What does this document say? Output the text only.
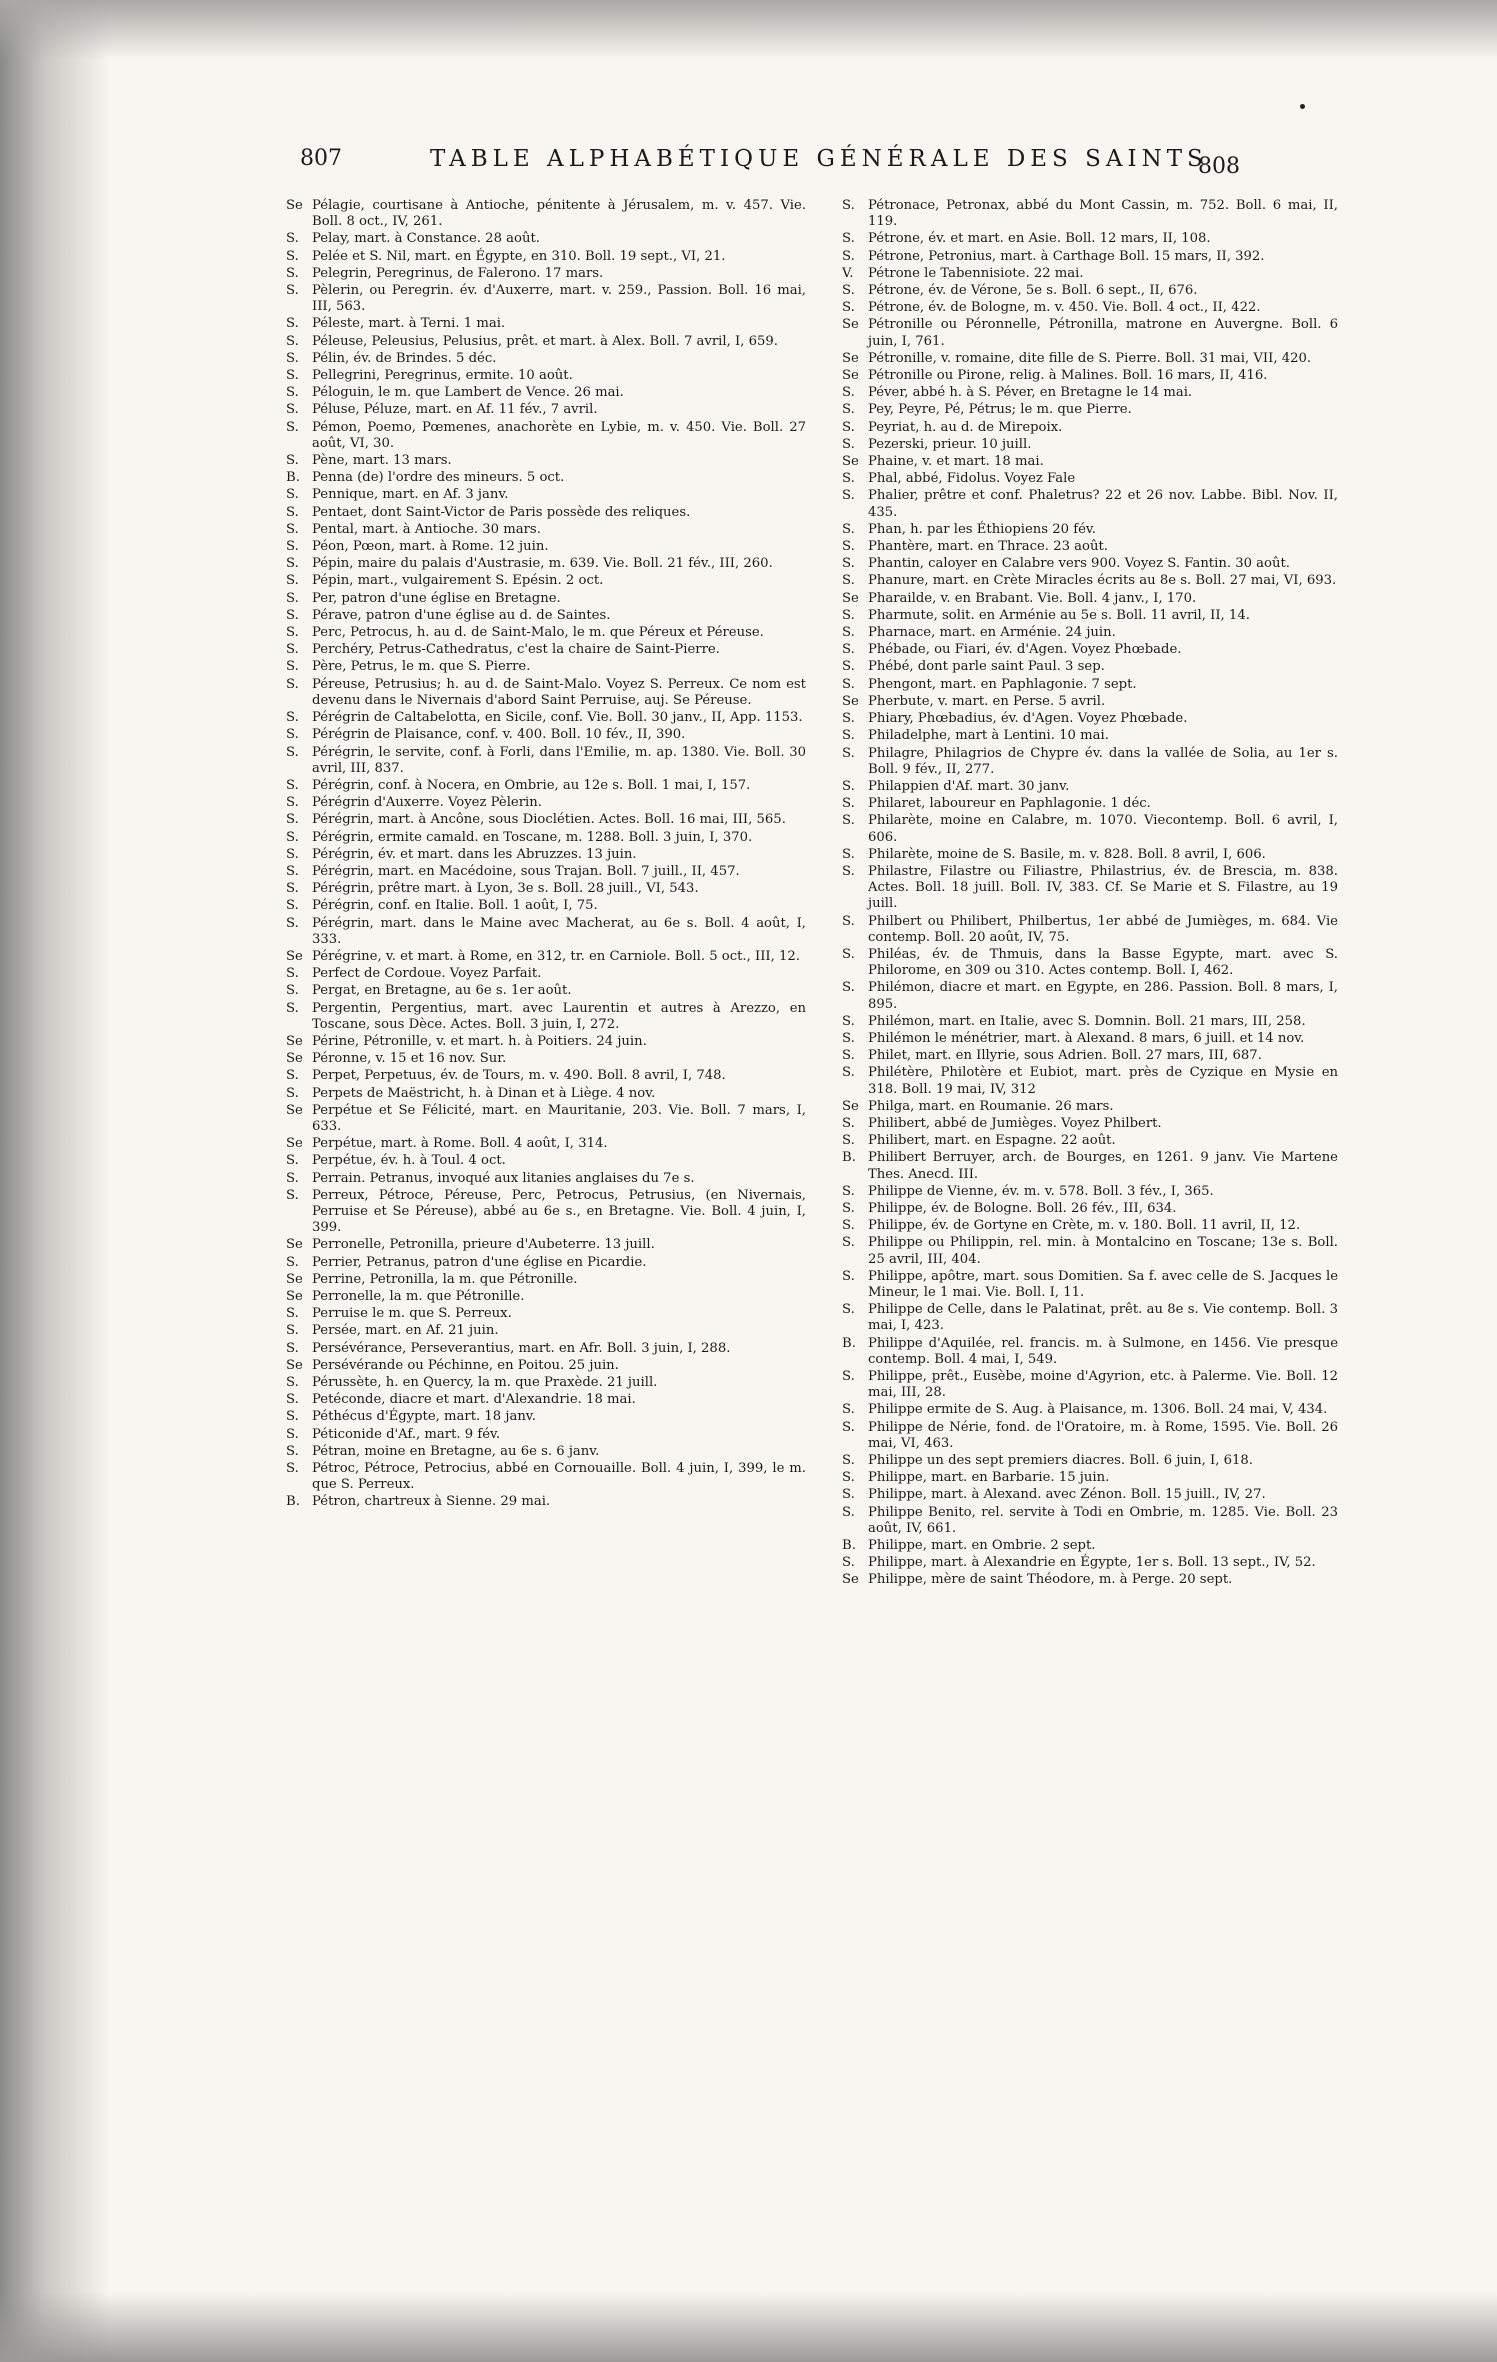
807	TABLE ALPHABÉTIQUE GÉNÉRALE DES SAINTS
808
Se Pélagie, courtisane à Antioche, pénitente à Jérusalem, m. v. 457. Vie. Boll. 8 oct., IV, 261.
S.	Pelay, mart. à Constance. 28 août.
S.	Pelée et S. Nil, mart. en Égypte, en 310. Boll. 19 sept., VI, 21.
S.	Pelegrin, Peregrinus, de Falerono. 17 mars.
S.	Pèlerin, ou Peregrin. év. d'Auxerre, mart. v. 259., Passion. Boll. 16 mai, III, 563.
S.	Péleste, mart. à Terni. 1 mai.
S.	Péleuse, Peleusius, Pelusius, prêt. et mart. à Alex. Boll. 7 avril, I, 659.
S.	Pélin, év. de Brindes. 5 déc.
S.	Pellegrini, Peregrinus, ermite. 10 août.
S.	Péloguin, le m. que Lambert de Vence. 26 mai.
S.	Péluse, Péluze, mart. en Af. 11 fév., 7 avril.
S.	Pémon, Poemo, Pœmenes, anachorète en Lybie, m. v. 450. Vie. Boll. 27 août, VI, 30.
S.	Pène, mart. 13 mars.
B. Penna (de) l'ordre des mineurs. 5 oct.
S.	Pennique, mart. en Af. 3 janv.
S.	Pentaet, dont Saint-Victor de Paris possède des reliques.
S.	Pental, mart. à Antioche. 30 mars.
S.	Péon, Pœon, mart. à Rome. 12 juin.
S.	Pépin, maire du palais d'Austrasie, m. 639. Vie. Boll. 21 fév., III, 260.
S.	Pépin, mart., vulgairement S. Epésin. 2 oct.
S.	Per, patron d'une église en Bretagne.
S.	Pérave, patron d'une église au d. de Saintes.
S.	Perc, Petrocus, h. au d. de Saint-Malo, le m. que Péreux et Péreuse.
S.	Perchéry, Petrus-Cathedratus, c'est la chaire de Saint-Pierre.
S.	Père, Petrus, le m. que S. Pierre.
S.	Péreuse, Petrusius; h. au d. de Saint-Malo. Voyez S. Perreux. Ce nom est devenu dans le Nivernais d'abord Saint Perruise, auj. Se Péreuse.
S.	Pérégrin de Caltabelotta, en Sicile, conf. Vie. Boll. 30 janv., II, App. 1153.
S.	Pérégrin de Plaisance, conf. v. 400. Boll. 10 fév., II, 390.
S.	Pérégrin, le servite, conf. à Forli, dans l'Emilie, m. ap. 1380. Vie. Boll. 30 avril, III, 837.
S.	Pérégrin, conf. à Nocera, en Ombrie, au 12e s. Boll. 1 mai, I, 157.
S.	Pérégrin d'Auxerre. Voyez Pèlerin.
S.	Pérégrin, mart. à Ancône, sous Dioclétien. Actes. Boll. 16 mai, III, 565.
S.	Pérégrin, ermite camald. en Toscane, m. 1288. Boll. 3 juin, I, 370.
S.	Pérégrin, év. et mart. dans les Abruzzes. 13 juin.
S.	Pérégrin, mart. en Macédoine, sous Trajan. Boll. 7 juill., II, 457.
S.	Pérégrin, prêtre mart. à Lyon, 3e s. Boll. 28 juill., VI, 543.
S.	Pérégrin, conf. en Italie. Boll. 1 août, I, 75.
S.	Pérégrin, mart. dans le Maine avec Macherat, au 6e s. Boll. 4 août, I, 333.
Se Pérégrine, v. et mart. à Rome, en 312, tr. en Carniole. Boll. 5 oct., III, 12.
S.	Perfect de Cordoue. Voyez Parfait.
S.	Pergat, en Bretagne, au 6e s. 1er août.
S.	Pergentin, Pergentius, mart. avec Laurentin et autres à Arezzo, en Toscane, sous Dèce. Actes. Boll. 3 juin, I, 272.
Se Périne, Pétronille, v. et mart. h. à Poitiers. 24 juin.
Se Péronne, v. 15 et 16 nov. Sur.
S.	Perpet, Perpetuus, év. de Tours, m. v. 490. Boll. 8 avril, I, 748.
S.	Perpets de Maëstricht, h. à Dinan et à Liège. 4 nov.
Se Perpétue et Se Félicité, mart. en Mauritanie, 203. Vie. Boll. 7 mars, I, 633.
Se Perpétue, mart. à Rome. Boll. 4 août, I, 314.
S.	Perpétue, év. h. à Toul. 4 oct.
S.	Perrain. Petranus, invoqué aux litanies anglaises du 7e s.
S.	Perreux, Pétroce, Péreuse, Perc, Petrocus, Petrusius, (en Nivernais, Perruise et Se Péreuse), abbé au 6e s., en Bretagne. Vie. Boll. 4 juin, I, 399.
Se Perronelle, Petronilla, prieure d'Aubeterre. 13 juill.
S.	Perrier, Petranus, patron d'une église en Picardie.
Se Perrine, Petronilla, la m. que Pétronille.
Se Perronelle, la m. que Pétronille.
S.	Perruise le m. que S. Perreux.
S.	Persée, mart. en Af. 21 juin.
S.	Persévérance, Perseverantius, mart. en Afr. Boll. 3 juin, I, 288.
Se Persévérande ou Péchinne, en Poitou. 25 juin.
S.	Pérussète, h. en Quercy, la m. que Praxède. 21 juill.
S.	Petéconde, diacre et mart. d'Alexandrie. 18 mai.
S.	Péthécus d'Égypte, mart. 18 janv.
S.	Péticonide d'Af., mart. 9 fév.
S.	Pétran, moine en Bretagne, au 6e s. 6 janv.
S.	Pétroc, Pétroce, Petrocius, abbé en Cornouaille. Boll. 4 juin, I, 399, le m. que S. Perreux.
B. Pétron, chartreux à Sienne. 29 mai.
S.	Pétronace, Petronax, abbé du Mont Cassin, m. 752. Boll. 6 mai, II, 119.
S.	Pétrone, év. et mart. en Asie. Boll. 12 mars, II, 108.
S.	Pétrone, Petronius, mart. à Carthage Boll. 15 mars, II, 392.
V.	Pétrone le Tabennisiote. 22 mai.
S.	Pétrone, év. de Vérone, 5e s. Boll. 6 sept., II, 676.
S.	Pétrone, év. de Bologne, m. v. 450. Vie. Boll. 4 oct., II, 422.
Se Pétronille ou Péronnelle, Pétronilla, matrone en Auvergne. Boll. 6 juin, I, 761.
Se Pétronille, v. romaine, dite fille de S. Pierre. Boll. 31 mai, VII, 420.
Se Pétronille ou Pirone, relig. à Malines. Boll. 16 mars, II, 416.
S.	Péver, abbé h. à S. Péver, en Bretagne le 14 mai.
S.	Pey, Peyre, Pé, Pétrus; le m. que Pierre.
S.	Peyriat, h. au d. de Mirepoix.
S.	Pezerski, prieur. 10 juill.
Se Phaine, v. et mart. 18 mai.
S.	Phal, abbé, Fidolus. Voyez Fale
S.	Phalier, prêtre et conf. Phaletrus? 22 et 26 nov. Labbe. Bibl. Nov. II, 435.
S.	Phan, h. par les Éthiopiens 20 fév.
S.	Phantère, mart. en Thrace. 23 août.
S.	Phantin, caloyer en Calabre vers 900. Voyez S. Fantin. 30 août.
S.	Phanure, mart. en Crète Miracles écrits au 8e s. Boll. 27 mai, VI, 693.
Se Pharailde, v. en Brabant. Vie. Boll. 4 janv., I, 170.
S.	Pharmute, solit. en Arménie au 5e s. Boll. 11 avril, II, 14.
S.	Pharnace, mart. en Arménie. 24 juin.
S.	Phébade, ou Fiari, év. d'Agen. Voyez Phœbade.
S.	Phébé, dont parle saint Paul. 3 sep.
S.	Phengont, mart. en Paphlagonie. 7 sept.
Se Pherbute, v. mart. en Perse. 5 avril.
S.	Phiary, Phœbadius, év. d'Agen. Voyez Phœbade.
S.	Philadelphe, mart à Lentini. 10 mai.
S.	Philagre, Philagrios de Chypre év. dans la vallée de Solia, au 1er s. Boll. 9 fév., II, 277.
S.	Philappien d'Af. mart. 30 janv.
S.	Philaret, laboureur en Paphlagonie. 1 déc.
S.	Philarète, moine en Calabre, m. 1070. Viecontemp. Boll. 6 avril, I, 606.
S.	Philarète, moine de S. Basile, m. v. 828. Boll. 8 avril, I, 606.
S.	Philastre, Filastre ou Filiastre, Philastrius, év. de Brescia, m. 838. Actes. Boll. 18 juill. Boll. IV, 383. Cf. Se Marie et S. Filastre, au 19 juill.
S.	Philbert ou Philibert, Philbertus, 1er abbé de Jumièges, m. 684. Vie contemp. Boll. 20 août, IV, 75.
S.	Philéas, év. de Thmuis, dans la Basse Egypte, mart. avec S. Philorome, en 309 ou 310. Actes contemp. Boll. I, 462.
S.	Philémon, diacre et mart. en Egypte, en 286. Passion. Boll. 8 mars, I, 895.
S.	Philémon, mart. en Italie, avec S. Domnin. Boll. 21 mars, III, 258.
S.	Philémon le ménétrier, mart. à Alexand. 8 mars, 6 juill. et 14 nov.
S.	Philet, mart. en Illyrie, sous Adrien. Boll. 27 mars, III, 687.
S.	Philétère, Philotère et Eubiot, mart. près de Cyzique en Mysie en 318. Boll. 19 mai, IV, 312
Se Philga, mart. en Roumanie. 26 mars.
S.	Philibert, abbé de Jumièges. Voyez Philbert.
S.	Philibert, mart. en Espagne. 22 août.
B. Philibert Berruyer, arch. de Bourges, en 1261. 9 janv. Vie Martene Thes. Anecd. III.
S.	Philippe de Vienne, év. m. v. 578. Boll. 3 fév., I, 365.
S.	Philippe, év. de Bologne. Boll. 26 fév., III, 634.
S.	Philippe, év. de Gortyne en Crète, m. v. 180. Boll. 11 avril, II, 12.
S.	Philippe ou Philippin, rel. min. à Montalcino en Toscane; 13e s. Boll. 25 avril, III, 404.
S.	Philippe, apôtre, mart. sous Domitien. Sa f. avec celle de S. Jacques le Mineur, le 1 mai. Vie. Boll. I, 11.
S.	Philippe de Celle, dans le Palatinat, prêt. au 8e s. Vie contemp. Boll. 3 mai, I, 423.
B. Philippe d'Aquilée, rel. francis. m. à Sulmone, en 1456. Vie presque contemp. Boll. 4 mai, I, 549.
S.	Philippe, prêt., Eusèbe, moine d'Agyrion, etc. à Palerme. Vie. Boll. 12 mai, III, 28.
S.	Philippe ermite de S. Aug. à Plaisance, m. 1306. Boll. 24 mai, V, 434.
S.	Philippe de Nérie, fond. de l'Oratoire, m. à Rome, 1595. Vie. Boll. 26 mai, VI, 463.
S.	Philippe un des sept premiers diacres. Boll. 6 juin, I, 618.
S.	Philippe, mart. en Barbarie. 15 juin.
S.	Philippe, mart. à Alexand. avec Zénon. Boll. 15 juill., IV, 27.
S.	Philippe Benito, rel. servite à Todi en Ombrie, m. 1285. Vie. Boll. 23 août, IV, 661.
B. Philippe, mart. en Ombrie. 2 sept.
S.	Philippe, mart. à Alexandrie en Égypte, 1er s. Boll. 13 sept., IV, 52.
Se Philippe, mère de saint Théodore, m. à Perge. 20 sept.
